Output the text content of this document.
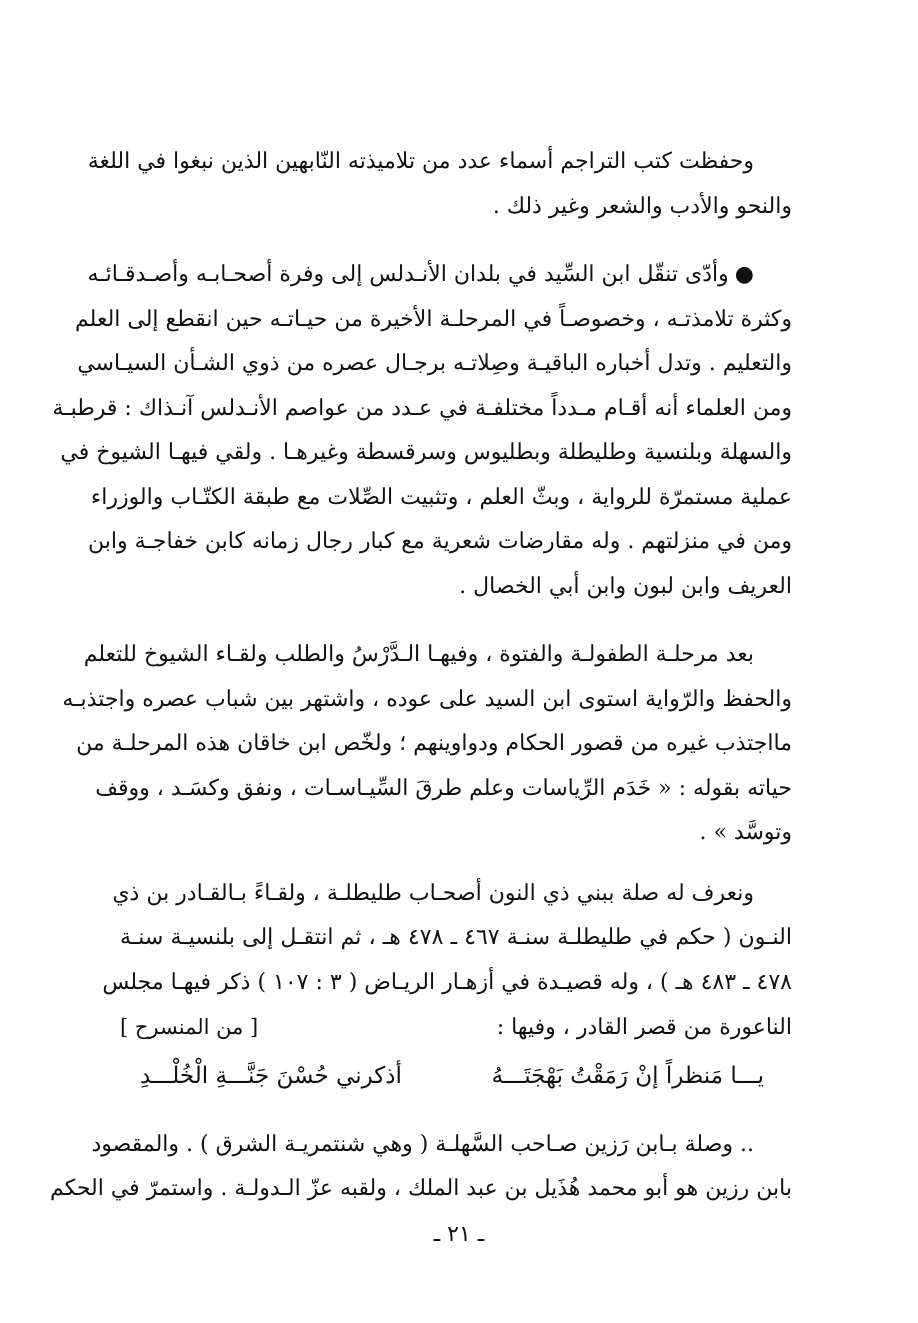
وحفظت كتب التراجم أسماء عدد من تلاميذته النّابهين الذين نبغوا في اللغة
والنحو والأدب والشعر وغير ذلك .
●وأدّى تنقّل ابن السِّيد في بلدان الأنـدلس إلى وفرة أصحـابـه وأصـدقـائـه
وكثرة تلامذتـه ، وخصوصـاً في المرحلـة الأخيرة من حيـاتـه حين انقطع إلى العلم
والتعليم . وتدل أخباره الباقيـة وصِلاتـه برجـال عصره من ذوي الشـأن السيـاسي
ومن العلماء أنه أقـام مـدداً مختلفـة في عـدد من عواصم الأنـدلس آنـذاك : قرطبـة
والسهلة وبلنسية وطليطلة وبطليوس وسرقسطة وغيرهـا . ولقي فيهـا الشيوخ في
عملية مستمرّة للرواية ، وبثّ العلم ، وتثبيت الصِّلات مع طبقة الكتّـاب والوزراء
ومن في منزلتهم . وله مقارضات شعرية مع كبار رجال زمانه كابن خفاجـة وابن
العريف وابن لبون وابن أبي الخصال .
بعد مرحلـة الطفولـة والفتوة ، وفيهـا الـدَّرْسُ والطلب ولقـاء الشيوخ للتعلم
والحفظ والرّواية استوى ابن السيد على عوده ، واشتهر بين شباب عصره واجتذبـه
مااجتذب غيره من قصور الحكام ودواوينهم ؛ ولخّص ابن خاقان هذه المرحلـة من
حياته بقوله : « خَدَم الرِّياسات وعلم طرقَ السِّيـاسـات ، ونفق وكسَـد ، ووقف
وتوسَّد » .
ونعرف له صلة ببني ذي النون أصحـاب طليطلـة ، ولقـاءً بـالقـادر بن ذي
النـون ( حكم في طليطلـة سنـة ٤٦٧ ـ ٤٧٨ هـ ، ثم انتقـل إلى بلنسيـة سنـة
٤٧٨ ـ ٤٨٣ هـ ) ، وله قصيـدة في أزهـار الريـاض ( ٣ : ١٠٧ ) ذكر فيهـا مجلس
الناعورة من قصر القادر ، وفيها :
[ من المنسرح ]
يـــا مَنظراً إنْ رَمَقْتُ بَهْجَتَـــهُ
أذكرني حُسْنَ جَنَّـــةِ الْخُلْـــدِ
.. وصلة بـابن رَزين صـاحب السَّهلـة ( وهي شنتمريـة الشرق ) . والمقصود
بابن رزين هو أبو محمد هُذَيل بن عبد الملك ، ولقبه عزّ الـدولـة . واستمرّ في الحكم
ـ ٢١ ـ
